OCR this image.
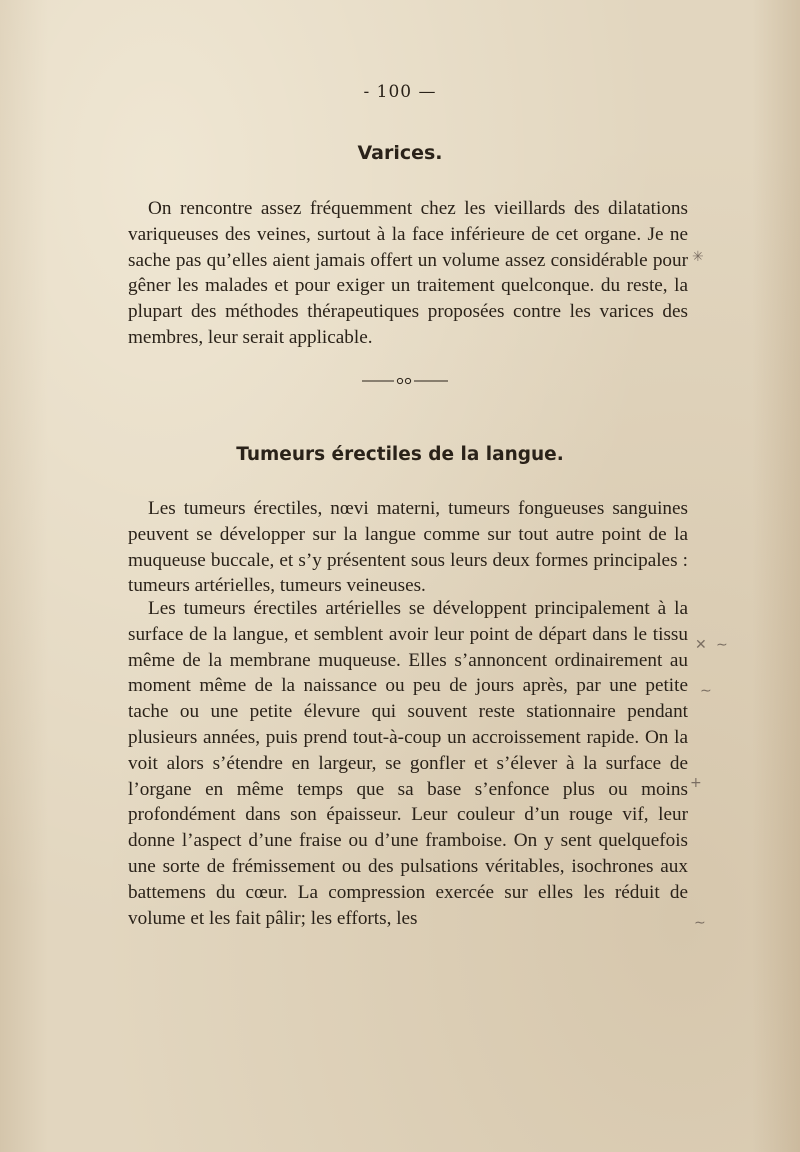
- 100 —
Varices.

On rencontre assez fréquemment chez les vieillards des dilatations variqueuses des veines, surtout à la face inférieure de cet organe. Je ne sache pas qu’elles aient jamais offert un volume assez considérable pour gêner les malades et pour exiger un traitement quelconque. du reste, la plupart des méthodes thérapeutiques proposées contre les varices des membres, leur serait applicable.

Tumeurs érectiles de la langue.

Les tumeurs érectiles, nœvi materni, tumeurs fongueuses sanguines peuvent se développer sur la langue comme sur tout autre point de la muqueuse buccale, et s’y présentent sous leurs deux formes principales : tumeurs artérielles, tumeurs veineuses.

Les tumeurs érectiles artérielles se développent principalement à la surface de la langue, et semblent avoir leur point de départ dans le tissu même de la membrane muqueuse. Elles s’annoncent ordinairement au moment même de la naissance ou peu de jours après, par une petite tache ou une petite élevure qui souvent reste stationnaire pendant plusieurs années, puis prend tout-à-coup un accroissement rapide. On la voit alors s’étendre en largeur, se gonfler et s’élever à la surface de l’organe en même temps que sa base s’enfonce plus ou moins profondément dans son épaisseur. Leur couleur d’un rouge vif, leur donne l’aspect d’une fraise ou d’une framboise. On y sent quelquefois une sorte de frémissement ou des pulsations véritables, isochrones aux battemens du cœur. La compression exercée sur elles les réduit de volume et les fait pâlir; les efforts, les

✳
✕ ∼
∼
+
∼
